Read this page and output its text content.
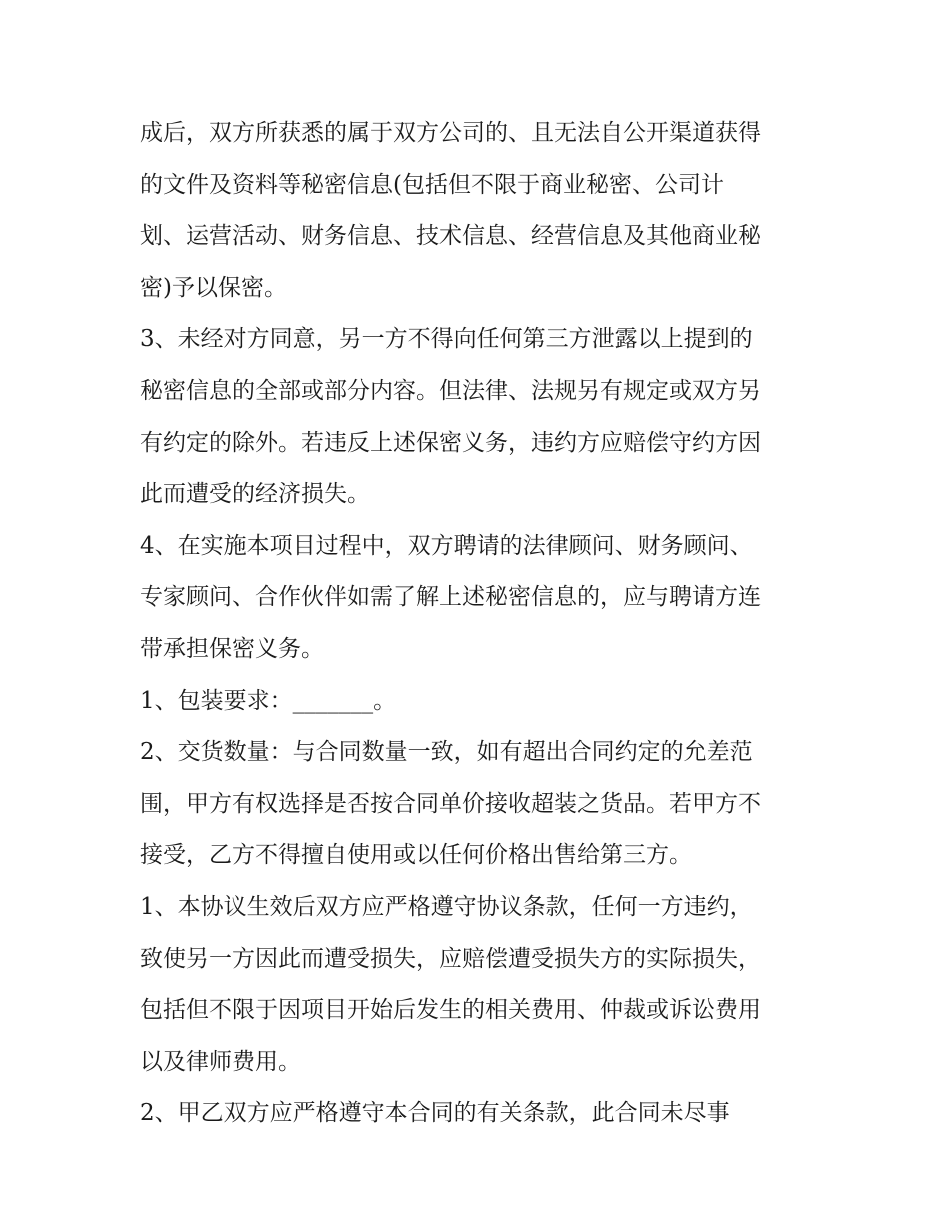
成后，双方所获悉的属于双方公司的、且无法自公开渠道获得
的文件及资料等秘密信息(包括但不限于商业秘密、公司计
划、运营活动、财务信息、技术信息、经营信息及其他商业秘
密)予以保密。
3、未经对方同意，另一方不得向任何第三方泄露以上提到的
秘密信息的全部或部分内容。但法律、法规另有规定或双方另
有约定的除外。若违反上述保密义务，违约方应赔偿守约方因
此而遭受的经济损失。
4、在实施本项目过程中，双方聘请的法律顾问、财务顾问、
专家顾问、合作伙伴如需了解上述秘密信息的，应与聘请方连
带承担保密义务。
1、包装要求：_______。
2、交货数量：与合同数量一致，如有超出合同约定的允差范
围，甲方有权选择是否按合同单价接收超装之货品。若甲方不
接受，乙方不得擅自使用或以任何价格出售给第三方。
1、本协议生效后双方应严格遵守协议条款，任何一方违约，
致使另一方因此而遭受损失，应赔偿遭受损失方的实际损失，
包括但不限于因项目开始后发生的相关费用、仲裁或诉讼费用
以及律师费用。
2、甲乙双方应严格遵守本合同的有关条款，此合同未尽事
